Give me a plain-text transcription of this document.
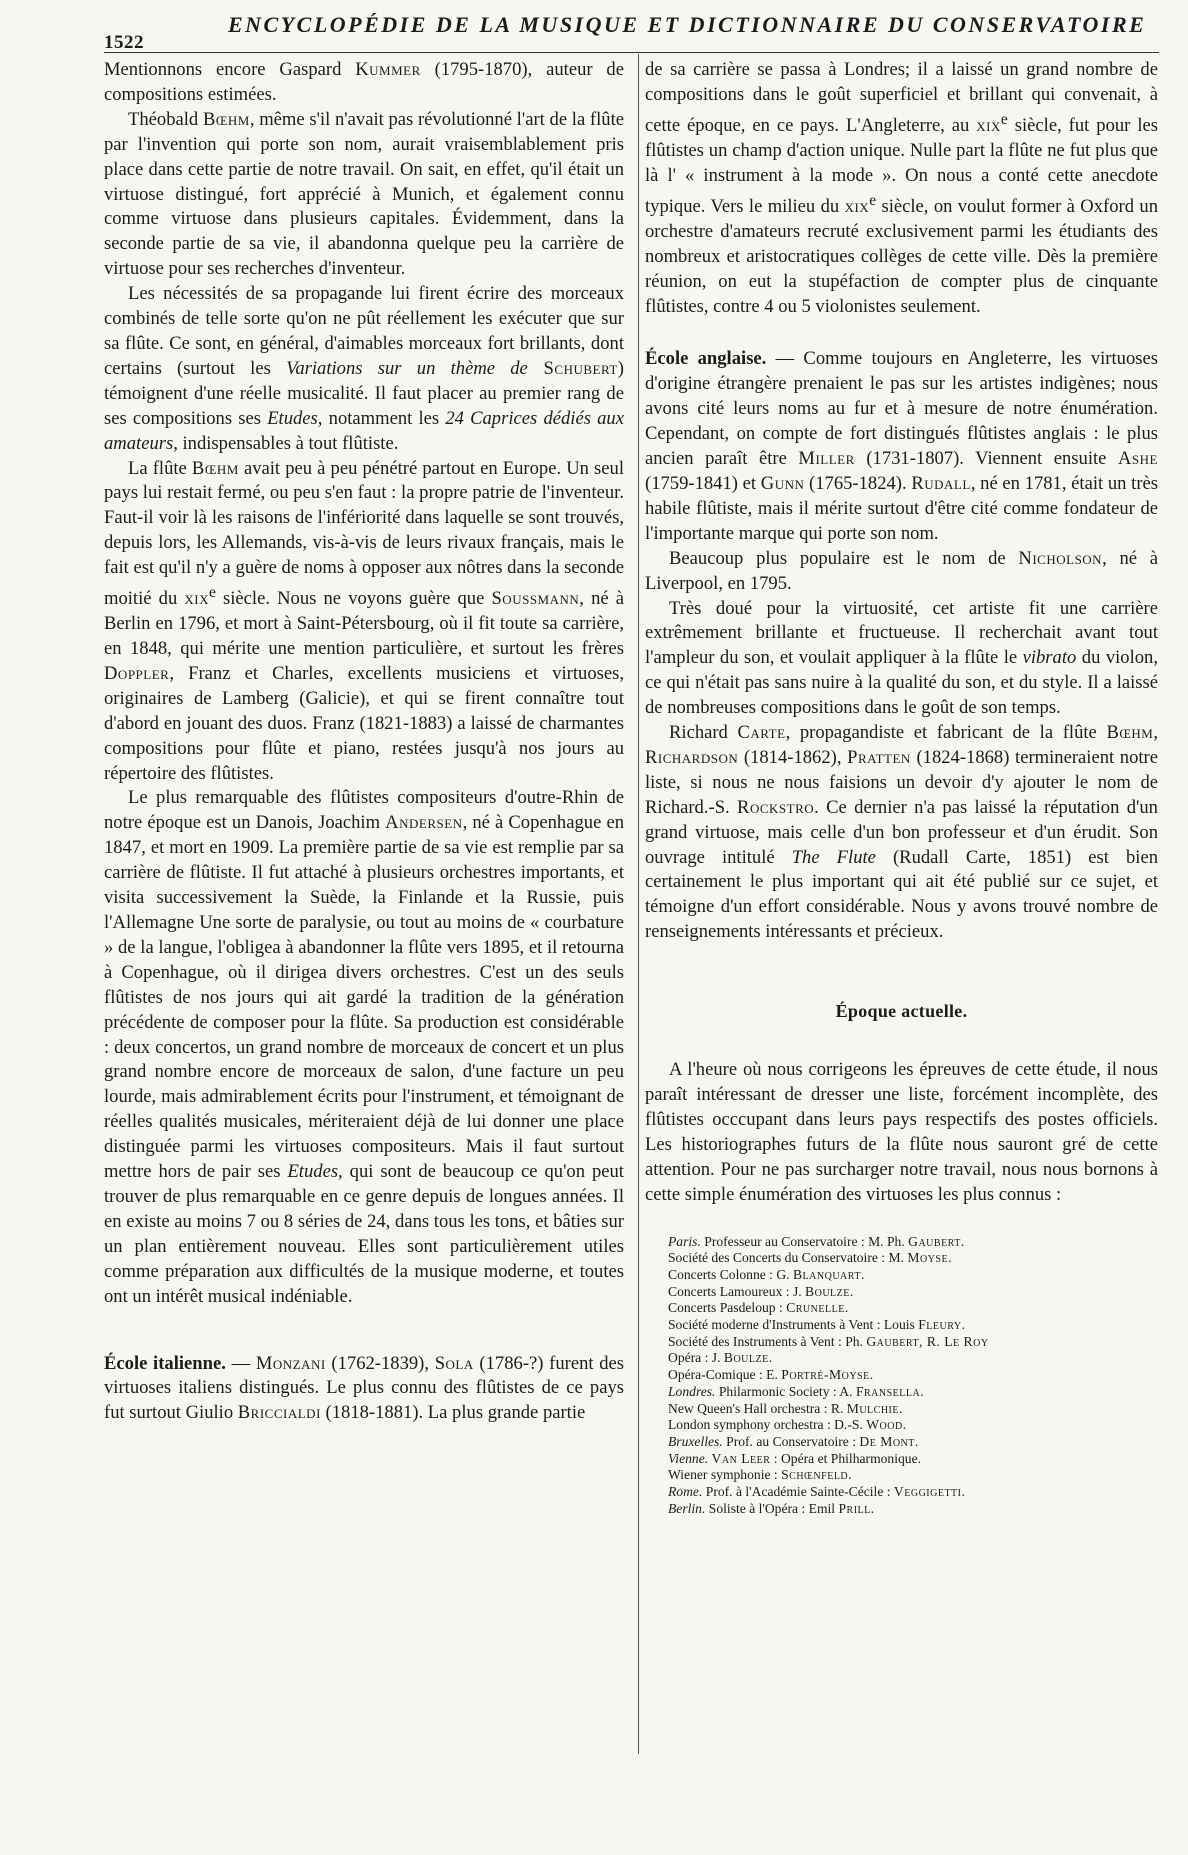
1522
ENCYCLOPÉDIE DE LA MUSIQUE ET DICTIONNAIRE DU CONSERVATOIRE

Mentionnons encore Gaspard Kummer (1795-1870), auteur de compositions estimées.

Théobald Bœhm, même s'il n'avait pas révolutionné l'art de la flûte par l'invention qui porte son nom, aurait vraisemblablement pris place dans cette partie de notre travail. On sait, en effet, qu'il était un virtuose distingué, fort apprécié à Munich, et également connu comme virtuose dans plusieurs capitales. Évidemment, dans la seconde partie de sa vie, il abandonna quelque peu la carrière de virtuose pour ses recherches d'inventeur.

Les nécessités de sa propagande lui firent écrire des morceaux combinés de telle sorte qu'on ne pût réellement les exécuter que sur sa flûte. Ce sont, en général, d'aimables morceaux fort brillants, dont certains (surtout les Variations sur un thème de Schubert) témoignent d'une réelle musicalité. Il faut placer au premier rang de ses compositions ses Etudes, notamment les 24 Caprices dédiés aux amateurs, indispensables à tout flûtiste.

La flûte Bœhm avait peu à peu pénétré partout en Europe. Un seul pays lui restait fermé, ou peu s'en faut : la propre patrie de l'inventeur. Faut-il voir là les raisons de l'infériorité dans laquelle se sont trouvés, depuis lors, les Allemands, vis-à-vis de leurs rivaux français, mais le fait est qu'il n'y a guère de noms à opposer aux nôtres dans la seconde moitié du xix$^e$ siècle. Nous ne voyons guère que Soussmann, né à Berlin en 1796, et mort à Saint-Pétersbourg, où il fit toute sa carrière, en 1848, qui mérite une mention particulière, et surtout les frères Doppler, Franz et Charles, excellents musiciens et virtuoses, originaires de Lamberg (Galicie), et qui se firent connaître tout d'abord en jouant des duos. Franz (1821-1883) a laissé de charmantes compositions pour flûte et piano, restées jusqu'à nos jours au répertoire des flûtistes.

Le plus remarquable des flûtistes compositeurs d'outre-Rhin de notre époque est un Danois, Joachim Andersen, né à Copenhague en 1847, et mort en 1909. La première partie de sa vie est remplie par sa carrière de flûtiste. Il fut attaché à plusieurs orchestres importants, et visita successivement la Suède, la Finlande et la Russie, puis l'Allemagne Une sorte de paralysie, ou tout au moins de « courbature » de la langue, l'obligea à abandonner la flûte vers 1895, et il retourna à Copenhague, où il dirigea divers orchestres. C'est un des seuls flûtistes de nos jours qui ait gardé la tradition de la génération précédente de composer pour la flûte. Sa production est considérable : deux concertos, un grand nombre de morceaux de concert et un plus grand nombre encore de morceaux de salon, d'une facture un peu lourde, mais admirablement écrits pour l'instrument, et témoignant de réelles qualités musicales, mériteraient déjà de lui donner une place distinguée parmi les virtuoses compositeurs. Mais il faut surtout mettre hors de pair ses Etudes, qui sont de beaucoup ce qu'on peut trouver de plus remarquable en ce genre depuis de longues années. Il en existe au moins 7 ou 8 séries de 24, dans tous les tons, et bâties sur un plan entièrement nouveau. Elles sont particulièrement utiles comme préparation aux difficultés de la musique moderne, et toutes ont un intérêt musical indéniable.

École italienne. — Monzani (1762-1839), Sola (1786-?) furent des virtuoses italiens distingués. Le plus connu des flûtistes de ce pays fut surtout Giulio Briccialdi (1818-1881). La plus grande partie

de sa carrière se passa à Londres; il a laissé un grand nombre de compositions dans le goût superficiel et brillant qui convenait, à cette époque, en ce pays. L'Angleterre, au xix$^e$ siècle, fut pour les flûtistes un champ d'action unique. Nulle part la flûte ne fut plus que là l' « instrument à la mode ». On nous a conté cette anecdote typique. Vers le milieu du xix$^e$ siècle, on voulut former à Oxford un orchestre d'amateurs recruté exclusivement parmi les étudiants des nombreux et aristocratiques collèges de cette ville. Dès la première réunion, on eut la stupéfaction de compter plus de cinquante flûtistes, contre 4 ou 5 violonistes seulement.

École anglaise. — Comme toujours en Angleterre, les virtuoses d'origine étrangère prenaient le pas sur les artistes indigènes; nous avons cité leurs noms au fur et à mesure de notre énumération. Cependant, on compte de fort distingués flûtistes anglais : le plus ancien paraît être Miller (1731-1807). Viennent ensuite Ashe (1759-1841) et Gunn (1765-1824). Rudall, né en 1781, était un très habile flûtiste, mais il mérite surtout d'être cité comme fondateur de l'importante marque qui porte son nom.

Beaucoup plus populaire est le nom de Nicholson, né à Liverpool, en 1795.

Très doué pour la virtuosité, cet artiste fit une carrière extrêmement brillante et fructueuse. Il recherchait avant tout l'ampleur du son, et voulait appliquer à la flûte le vibrato du violon, ce qui n'était pas sans nuire à la qualité du son, et du style. Il a laissé de nombreuses compositions dans le goût de son temps.

Richard Carte, propagandiste et fabricant de la flûte Bœhm, Richardson (1814-1862), Pratten (1824-1868) termineraient notre liste, si nous ne nous faisions un devoir d'y ajouter le nom de Richard.-S. Rockstro. Ce dernier n'a pas laissé la réputation d'un grand virtuose, mais celle d'un bon professeur et d'un érudit. Son ouvrage intitulé The Flute (Rudall Carte, 1851) est bien certainement le plus important qui ait été publié sur ce sujet, et témoigne d'un effort considérable. Nous y avons trouvé nombre de renseignements intéressants et précieux.

Époque actuelle.

A l'heure où nous corrigeons les épreuves de cette étude, il nous paraît intéressant de dresser une liste, forcément incomplète, des flûtistes occcupant dans leurs pays respectifs des postes officiels. Les historiographes futurs de la flûte nous sauront gré de cette attention. Pour ne pas surcharger notre travail, nous nous bornons à cette simple énumération des virtuoses les plus connus :

Paris. Professeur au Conservatoire : M. Ph. Gaubert.
Société des Concerts du Conservatoire : M. Moyse.
Concerts Colonne : G. Blanquart.
Concerts Lamoureux : J. Boulze.
Concerts Pasdeloup : Crunelle.
Société moderne d'Instruments à Vent : Louis Fleury.
Société des Instruments à Vent : Ph. Gaubert, R. Le Roy
Opéra : J. Boulze.
Opéra-Comique : E. Portré-Moyse.
Londres. Philarmonic Society : A. Fransella.
New Queen's Hall orchestra : R. Mulchie.
London symphony orchestra : D.-S. Wood.
Bruxelles. Prof. au Conservatoire : De Mont.
Vienne. Van Leer : Opéra et Philharmonique.
Wiener symphonie : Schœnfeld.
Rome. Prof. à l'Académie Sainte-Cécile : Veggigetti.
Berlin. Soliste à l'Opéra : Emil Prill.
